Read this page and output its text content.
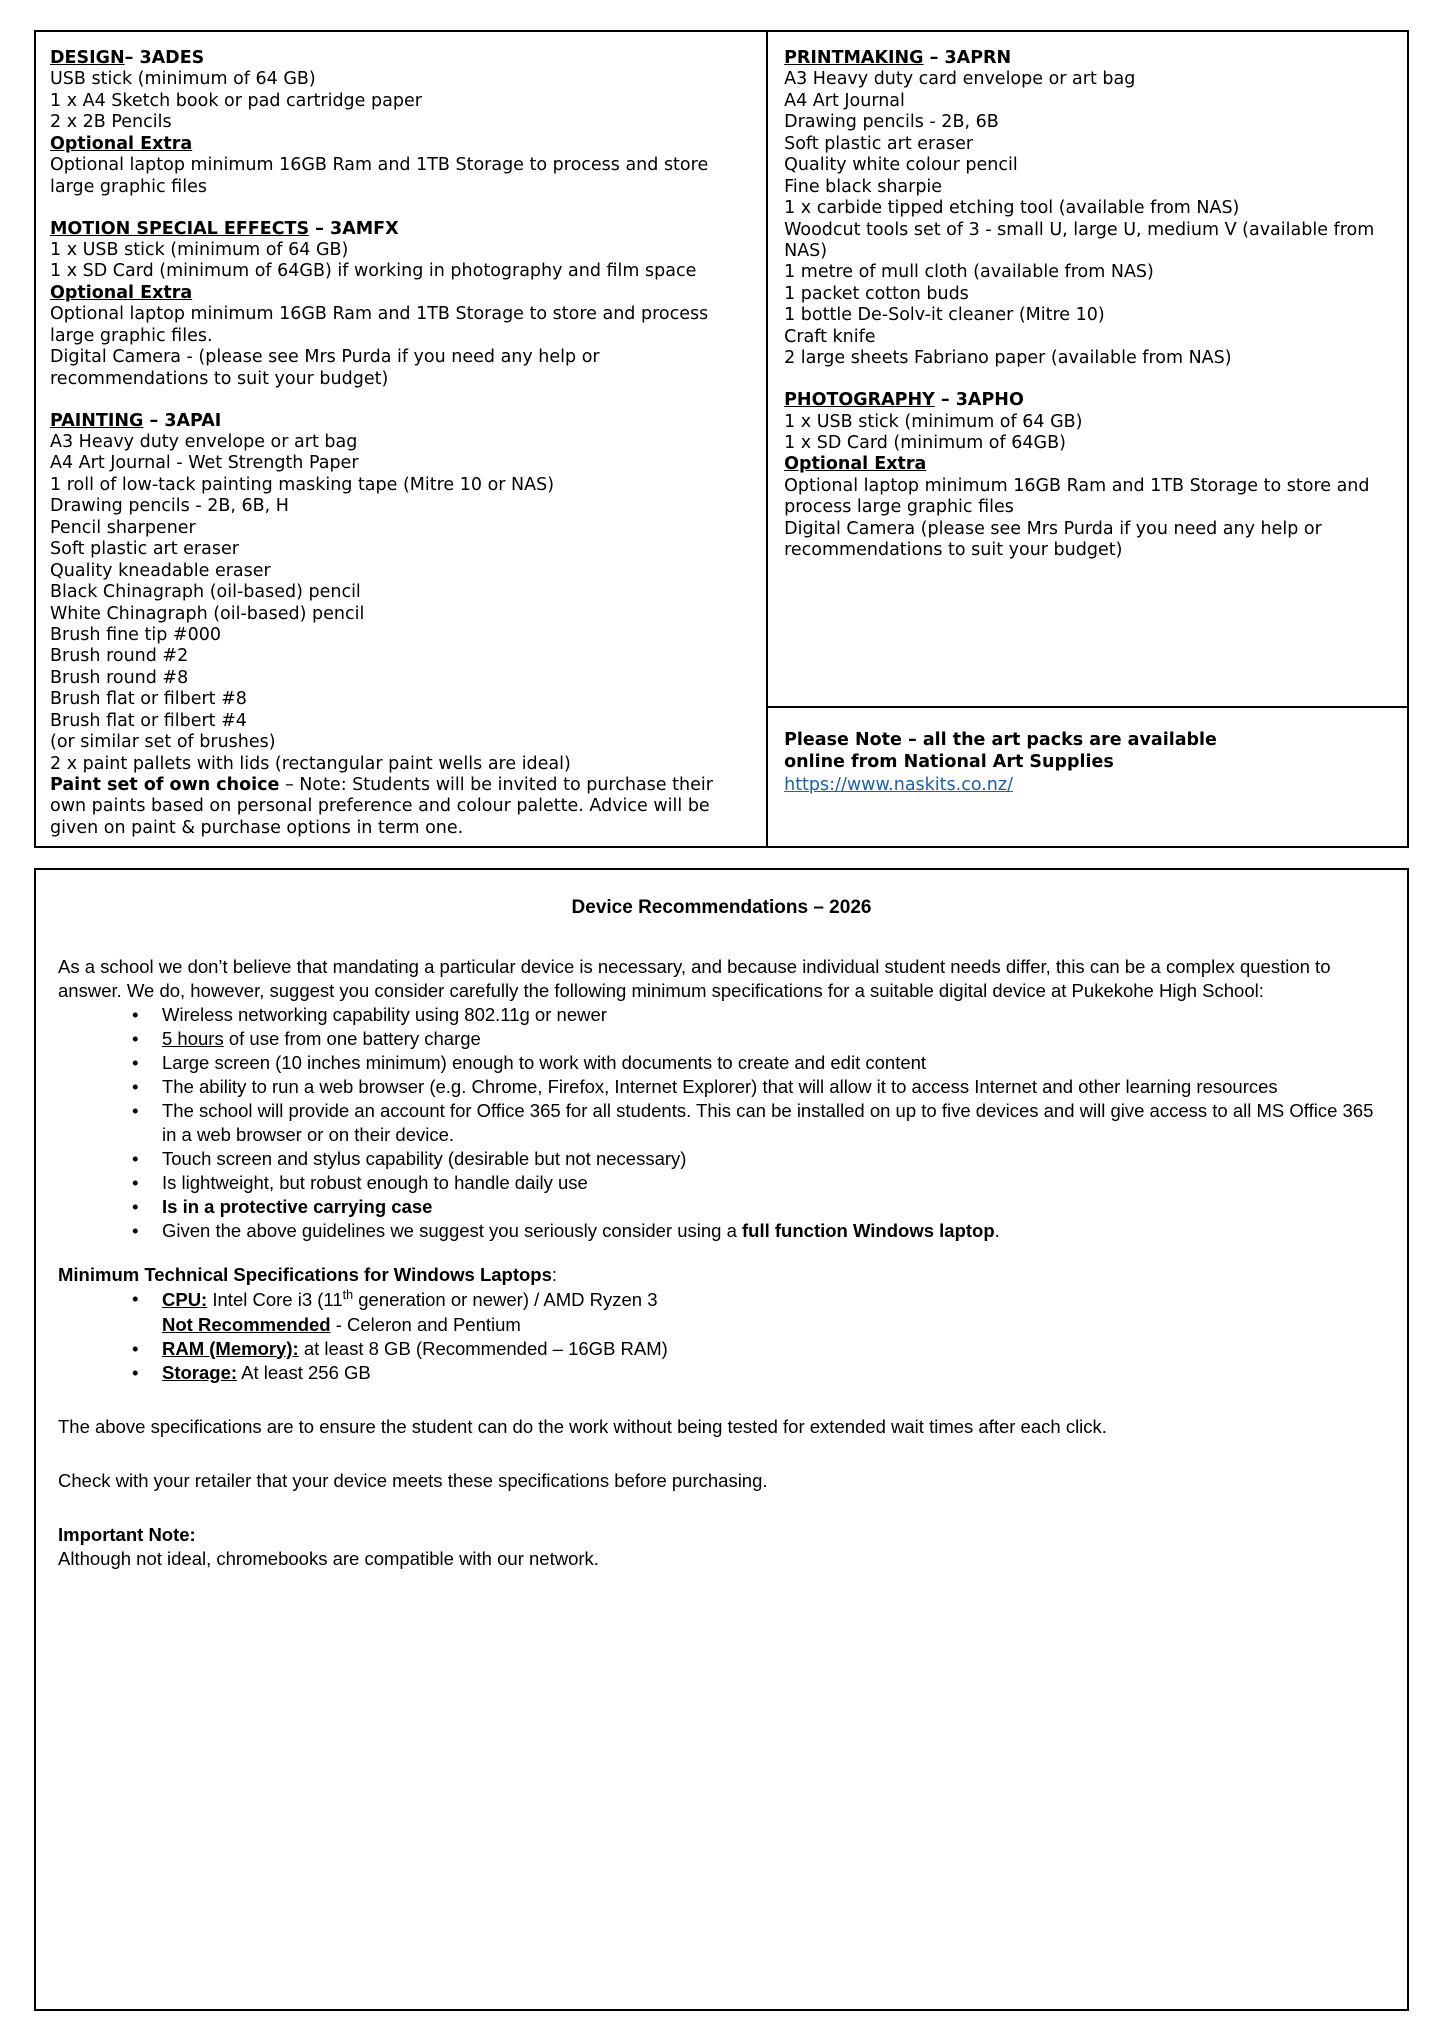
DESIGN– 3ADES

USB stick (minimum of 64 GB)

1 x A4 Sketch book or pad cartridge paper

2 x 2B Pencils

Optional Extra

Optional laptop minimum 16GB Ram and 1TB Storage to process and store large graphic files

MOTION SPECIAL EFFECTS – 3AMFX

1 x USB stick (minimum of 64 GB)

1 x SD Card (minimum of 64GB) if working in photography and film space

Optional Extra

Optional laptop minimum 16GB Ram and 1TB Storage to store and process large graphic files.

Digital Camera - (please see Mrs Purda if you need any help or recommendations to suit your budget)

PAINTING – 3APAI

A3 Heavy duty envelope or art bag

A4 Art Journal - Wet Strength Paper

1 roll of low-tack painting masking tape (Mitre 10 or NAS)

Drawing pencils - 2B, 6B, H

Pencil sharpener

Soft plastic art eraser

Quality kneadable eraser

Black Chinagraph (oil-based) pencil

White Chinagraph (oil-based) pencil

Brush fine tip #000

Brush round #2

Brush round #8

Brush flat or filbert #8

Brush flat or filbert #4

(or similar set of brushes)

2 x paint pallets with lids (rectangular paint wells are ideal)

Paint set of own choice – Note: Students will be invited to purchase their own paints based on personal preference and colour palette. Advice will be given on paint & purchase options in term one.

PRINTMAKING – 3APRN

A3 Heavy duty card envelope or art bag

A4 Art Journal

Drawing pencils - 2B, 6B

Soft plastic art eraser

Quality white colour pencil

Fine black sharpie

1 x carbide tipped etching tool (available from NAS)

Woodcut tools set of 3 - small U, large U, medium V (available from NAS)

1 metre of mull cloth (available from NAS)

1 packet cotton buds

1 bottle De-Solv-it cleaner (Mitre 10)

Craft knife

2 large sheets Fabriano paper (available from NAS)

PHOTOGRAPHY – 3APHO

1 x USB stick (minimum of 64 GB)

1 x SD Card (minimum of 64GB)

Optional Extra

Optional laptop minimum 16GB Ram and 1TB Storage to store and process large graphic files

Digital Camera (please see Mrs Purda if you need any help or recommendations to suit your budget)

Please Note – all the art packs are available

online from National Art Supplies

https://www.naskits.co.nz/

Device Recommendations – 2026

As a school we don’t believe that mandating a particular device is necessary, and because individual student needs differ, this can be a complex question to answer. We do, however, suggest you consider carefully the following minimum specifications for a suitable digital device at Pukekohe High School:

• Wireless networking capability using 802.11g or newer
• 5 hours of use from one battery charge
• Large screen (10 inches minimum) enough to work with documents to create and edit content
• The ability to run a web browser (e.g. Chrome, Firefox, Internet Explorer) that will allow it to access Internet and other learning resources
• The school will provide an account for Office 365 for all students. This can be installed on up to five devices and will give access to all MS Office 365 in a web browser or on their device.
• Touch screen and stylus capability (desirable but not necessary)
• Is lightweight, but robust enough to handle daily use
• Is in a protective carrying case
• Given the above guidelines we suggest you seriously consider using a full function Windows laptop.

Minimum Technical Specifications for Windows Laptops:

• CPU: Intel Core i3 (11th generation or newer) / AMD Ryzen 3

Not Recommended - Celeron and Pentium

• RAM (Memory): at least 8 GB (Recommended – 16GB RAM)
• Storage: At least 256 GB

The above specifications are to ensure the student can do the work without being tested for extended wait times after each click.

Check with your retailer that your device meets these specifications before purchasing.

Important Note:

Although not ideal, chromebooks are compatible with our network.
